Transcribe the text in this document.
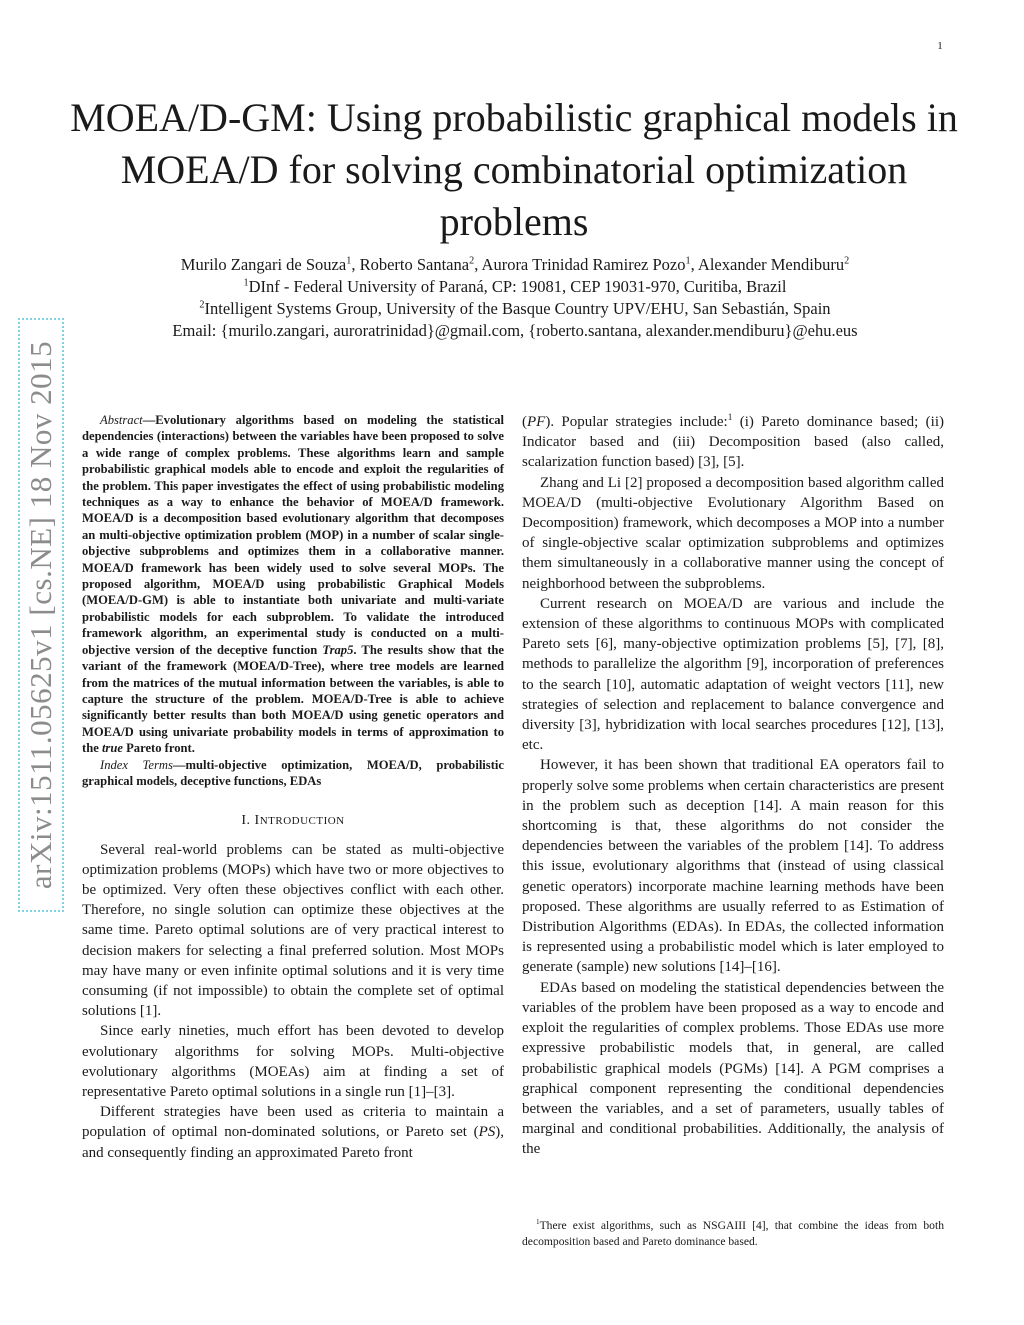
1
arXiv:1511.05625v1 [cs.NE] 18 Nov 2015
MOEA/D-GM: Using probabilistic graphical models in MOEA/D for solving combinatorial optimization problems
Murilo Zangari de Souza$^1$, Roberto Santana$^2$, Aurora Trinidad Ramirez Pozo$^1$, Alexander Mendiburu$^2$
$^1$DInf - Federal University of Paraná, CP: 19081, CEP 19031-970, Curitiba, Brazil
$^2$Intelligent Systems Group, University of the Basque Country UPV/EHU, San Sebastián, Spain
Email: {murilo.zangari, auroratrinidad}@gmail.com, {roberto.santana, alexander.mendiburu}@ehu.eus

Abstract—Evolutionary algorithms based on modeling the statistical dependencies (interactions) between the variables have been proposed to solve a wide range of complex problems. These algorithms learn and sample probabilistic graphical models able to encode and exploit the regularities of the problem. This paper investigates the effect of using probabilistic modeling techniques as a way to enhance the behavior of MOEA/D framework. MOEA/D is a decomposition based evolutionary algorithm that decomposes an multi-objective optimization problem (MOP) in a number of scalar single-objective subproblems and optimizes them in a collaborative manner. MOEA/D framework has been widely used to solve several MOPs. The proposed algorithm, MOEA/D using probabilistic Graphical Models (MOEA/D-GM) is able to instantiate both univariate and multi-variate probabilistic models for each subproblem. To validate the introduced framework algorithm, an experimental study is conducted on a multi-objective version of the deceptive function Trap5. The results show that the variant of the framework (MOEA/D-Tree), where tree models are learned from the matrices of the mutual information between the variables, is able to capture the structure of the problem. MOEA/D-Tree is able to achieve significantly better results than both MOEA/D using genetic operators and MOEA/D using univariate probability models in terms of approximation to the true Pareto front.

Index Terms—multi-objective optimization, MOEA/D, probabilistic graphical models, deceptive functions, EDAs

I. INTRODUCTION

Several real-world problems can be stated as multi-objective optimization problems (MOPs) which have two or more objectives to be optimized. Very often these objectives conflict with each other. Therefore, no single solution can optimize these objectives at the same time. Pareto optimal solutions are of very practical interest to decision makers for selecting a final preferred solution. Most MOPs may have many or even infinite optimal solutions and it is very time consuming (if not impossible) to obtain the complete set of optimal solutions [1].

Since early nineties, much effort has been devoted to develop evolutionary algorithms for solving MOPs. Multi-objective evolutionary algorithms (MOEAs) aim at finding a set of representative Pareto optimal solutions in a single run [1]–[3].

Different strategies have been used as criteria to maintain a population of optimal non-dominated solutions, or Pareto set (PS), and consequently finding an approximated Pareto front

(PF). Popular strategies include:$^1$ (i) Pareto dominance based; (ii) Indicator based and (iii) Decomposition based (also called, scalarization function based) [3], [5].

Zhang and Li [2] proposed a decomposition based algorithm called MOEA/D (multi-objective Evolutionary Algorithm Based on Decomposition) framework, which decomposes a MOP into a number of single-objective scalar optimization subproblems and optimizes them simultaneously in a collaborative manner using the concept of neighborhood between the subproblems.

Current research on MOEA/D are various and include the extension of these algorithms to continuous MOPs with complicated Pareto sets [6], many-objective optimization problems [5], [7], [8], methods to parallelize the algorithm [9], incorporation of preferences to the search [10], automatic adaptation of weight vectors [11], new strategies of selection and replacement to balance convergence and diversity [3], hybridization with local searches procedures [12], [13], etc.

However, it has been shown that traditional EA operators fail to properly solve some problems when certain characteristics are present in the problem such as deception [14]. A main reason for this shortcoming is that, these algorithms do not consider the dependencies between the variables of the problem [14]. To address this issue, evolutionary algorithms that (instead of using classical genetic operators) incorporate machine learning methods have been proposed. These algorithms are usually referred to as Estimation of Distribution Algorithms (EDAs). In EDAs, the collected information is represented using a probabilistic model which is later employed to generate (sample) new solutions [14]–[16].

EDAs based on modeling the statistical dependencies between the variables of the problem have been proposed as a way to encode and exploit the regularities of complex problems. Those EDAs use more expressive probabilistic models that, in general, are called probabilistic graphical models (PGMs) [14]. A PGM comprises a graphical component representing the conditional dependencies between the variables, and a set of parameters, usually tables of marginal and conditional probabilities. Additionally, the analysis of the

$^1$There exist algorithms, such as NSGAIII [4], that combine the ideas from both decomposition based and Pareto dominance based.
